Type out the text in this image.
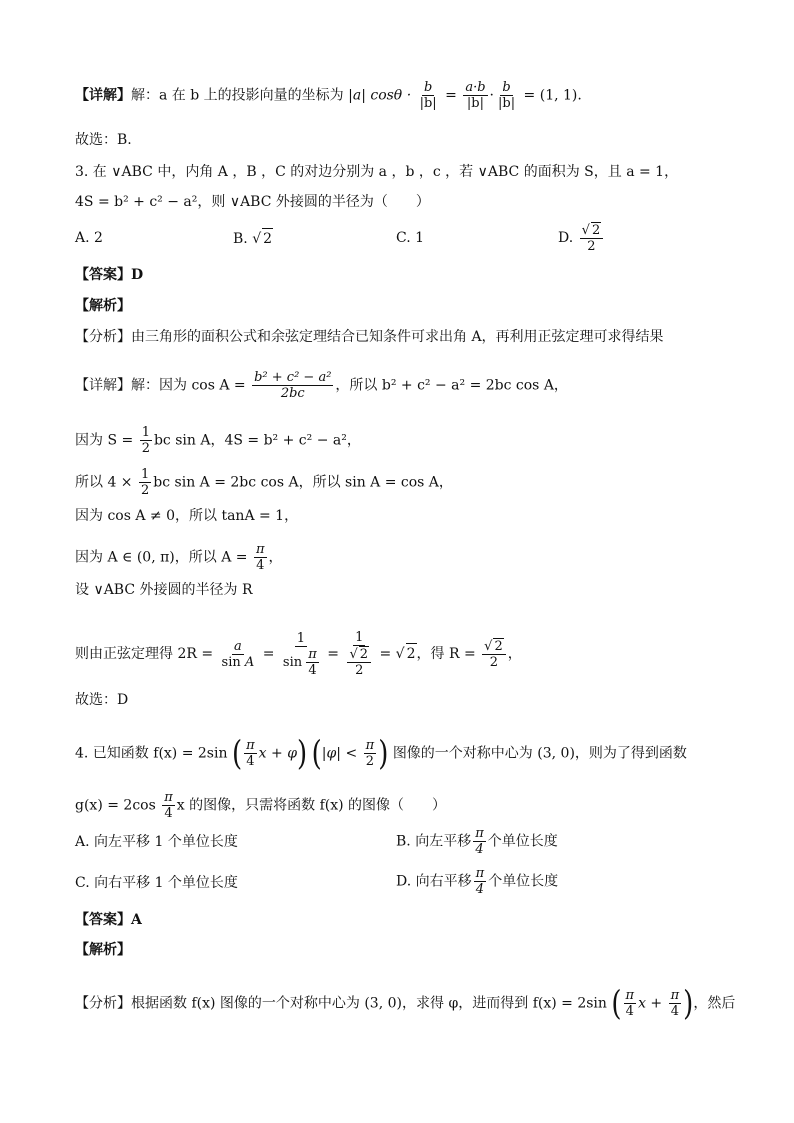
【详解】解：a 在 b 上的投影向量的坐标为 |a| $\cos\theta \cdot \frac{b}{|b|} = \frac{a\cdot b}{|b|} \cdot \frac{b}{|b|} = (1$, 1).
故选：B.
3. 在 ∨ABC 中，内角 A ，B ，C 的对边分别为 a ，b ，c ，若 ∨ABC 的面积为 S，且 a = 1，
4S = b² + c² − a²，则 ∨ABC 外接圆的半径为（　　）
A. 2	B. √ 2	C. 1	D. $\frac{√ 2}{2}$
【答案】D
【解析】
【分析】由三角形的面积公式和余弦定理结合已知条件可求出角 A，再利用正弦定理可求得结果
【详解】解：因为 $\cos A = \frac{\text{b² + c² − a²}}{2bc}$ ，所以 b² + c² − a² = 2bc cos A，
因为 $S = \frac{1}{2}$ bc sin A，4S = b² + c² − a²，
所以 $4 \times \frac{1}{2}$ bc sin A = 2bc cos A，所以 sin A = cos A，
因为 cos A ≠ 0，所以 tanA = 1，
因为 A ∈ (0, π)，所以 $A = \frac{\pi}{4}$ ，
设 ∨ABC 外接圆的半径为 R
则由正弦定理得 $2R = \frac{a}{\text{sin A}} = \frac{1}{\sin \frac{\pi}{4}} = \frac{1}{\frac{√ 2}{2}}$ = √ 2，得 $R = \frac{√ 2}{2}$ ，
故选：D
4. 已知函数 f(x) = 2sin ( $\frac{\pi}{4}$ x + φ) ($|\varphi| < \frac{\pi}{2}$ ) 图像的一个对称中心为 (3, 0)，则为了得到函数
$g(x) = 2\cos \frac{\pi}{4}$ x 的图像，只需将函数 f(x) 的图像（　　）
A. 向左平移 1 个单位长度	B. 向左平移 $\frac{\pi}{4}$ 个单位长度
C. 向右平移 1 个单位长度	D. 向右平移 $\frac{\pi}{4}$ 个单位长度
【答案】A
【解析】
【分析】根据函数 f(x) 图像的一个对称中心为 (3, 0)，求得 φ，进而得到 f(x) = 2sin ( $\frac{\pi}{4}$ $x + \frac{\pi}{4}$ )，然后
